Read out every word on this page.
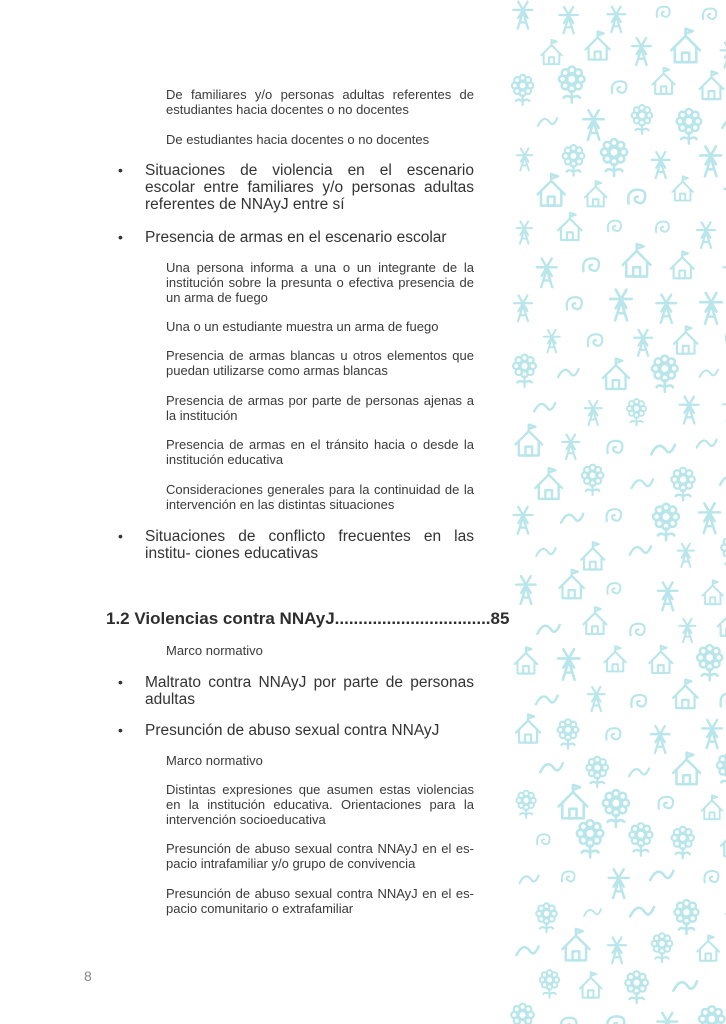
De familiares y/o personas adultas referentes de estudiantes hacia docentes o no docentes
De estudiantes hacia docentes o no docentes
•	Situaciones de violencia en el escenario escolar entre familiares y/o personas adultas referentes de NNAyJ entre sí
•	Presencia de armas en el escenario escolar
Una persona informa a una o un integrante de la institución sobre la presunta o efectiva presencia de un arma de fuego
Una o un estudiante muestra un arma de fuego
Presencia de armas blancas u otros elementos que puedan utilizarse como armas blancas
Presencia de armas por parte de personas ajenas a la institución
Presencia de armas en el tránsito hacia o desde la institución educativa
Consideraciones generales para la continuidad de la intervención en las distintas situaciones
•	Situaciones de conflicto frecuentes en las institu- ciones educativas
1.2 Violencias contra NNAyJ.................................85
Marco normativo
•	Maltrato contra NNAyJ por parte de personas adultas
•	Presunción de abuso sexual contra NNAyJ
Marco normativo
Distintas expresiones que asumen estas violencias en la institución educativa. Orientaciones para la intervención socioeducativa
Presunción de abuso sexual contra NNAyJ en el es- pacio intrafamiliar y/o grupo de convivencia
Presunción de abuso sexual contra NNAyJ en el es- pacio comunitario o extrafamiliar
8
